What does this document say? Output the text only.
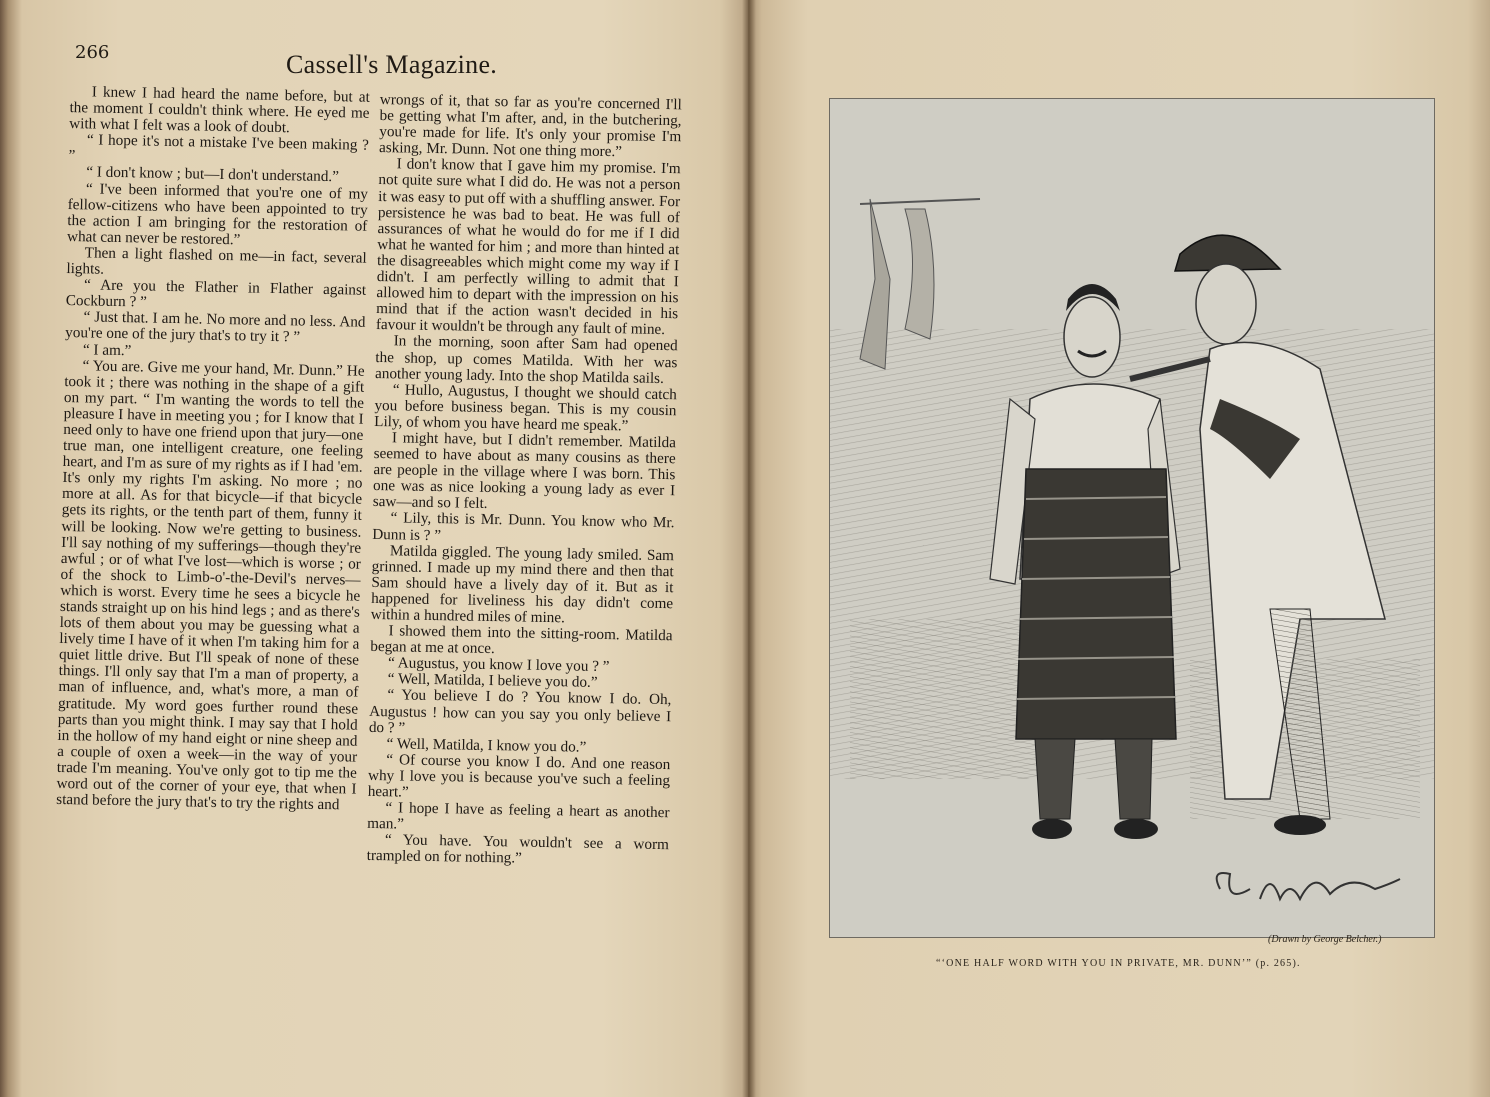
266	Cassell's Magazine.

I knew I had heard the name before, but at the moment I couldn't think where. He eyed me with what I felt was a look of doubt.

“ I hope it's not a mistake I've been making ? ”

“ I don't know ; but—I don't understand.”

“ I've been informed that you're one of my fellow-citizens who have been appointed to try the action I am bringing for the restoration of what can never be restored.”

Then a light flashed on me—in fact, several lights.

“ Are you the Flather in Flather against Cockburn ? ”

“ Just that. I am he. No more and no less. And you're one of the jury that's to try it ? ”

“ I am.”

“ You are. Give me your hand, Mr. Dunn.” He took it ; there was nothing in the shape of a gift on my part. “ I'm wanting the words to tell the pleasure I have in meeting you ; for I know that I need only to have one friend upon that jury—one true man, one intelligent creature, one feeling heart, and I'm as sure of my rights as if I had 'em. It's only my rights I'm asking. No more ; no more at all. As for that bicycle—if that bicycle gets its rights, or the tenth part of them, funny it will be looking. Now we're getting to business. I'll say nothing of my sufferings—though they're awful ; or of what I've lost—which is worse ; or of the shock to Limb-o'-the-Devil's nerves—which is worst. Every time he sees a bicycle he stands straight up on his hind legs ; and as there's lots of them about you may be guessing what a lively time I have of it when I'm taking him for a quiet little drive. But I'll speak of none of these things. I'll only say that I'm a man of property, a man of influence, and, what's more, a man of gratitude. My word goes further round these parts than you might think. I may say that I hold in the hollow of my hand eight or nine sheep and a couple of oxen a week—in the way of your trade I'm meaning. You've only got to tip me the word out of the corner of your eye, that when I stand before the jury that's to try the rights and

wrongs of it, that so far as you're concerned I'll be getting what I'm after, and, in the butchering, you're made for life. It's only your promise I'm asking, Mr. Dunn. Not one thing more.”

I don't know that I gave him my promise. I'm not quite sure what I did do. He was not a person it was easy to put off with a shuffling answer. For persistence he was bad to beat. He was full of assurances of what he would do for me if I did what he wanted for him ; and more than hinted at the disagreeables which might come my way if I didn't. I am perfectly willing to admit that I allowed him to depart with the impression on his mind that if the action wasn't decided in his favour it wouldn't be through any fault of mine.

In the morning, soon after Sam had opened the shop, up comes Matilda. With her was another young lady. Into the shop Matilda sails.

“ Hullo, Augustus, I thought we should catch you before business began. This is my cousin Lily, of whom you have heard me speak.”

I might have, but I didn't remember. Matilda seemed to have about as many cousins as there are people in the village where I was born. This one was as nice looking a young lady as ever I saw—and so I felt.

“ Lily, this is Mr. Dunn. You know who Mr. Dunn is ? ”

Matilda giggled. The young lady smiled. Sam grinned. I made up my mind there and then that Sam should have a lively day of it. But as it happened for liveliness his day didn't come within a hundred miles of mine.

I showed them into the sitting-room. Matilda began at me at once.

“ Augustus, you know I love you ? ”

“ Well, Matilda, I believe you do.”

“ You believe I do ? You know I do. Oh, Augustus ! how can you say you only believe I do ? ”

“ Well, Matilda, I know you do.”

“ Of course you know I do. And one reason why I love you is because you've such a feeling heart.”

“ I hope I have as feeling a heart as another man.”

“ You have. You wouldn't see a worm trampled on for nothing.”

(Drawn by George Belcher.)
“‘ONE HALF WORD WITH YOU IN PRIVATE, MR. DUNN’” (p. 265).
